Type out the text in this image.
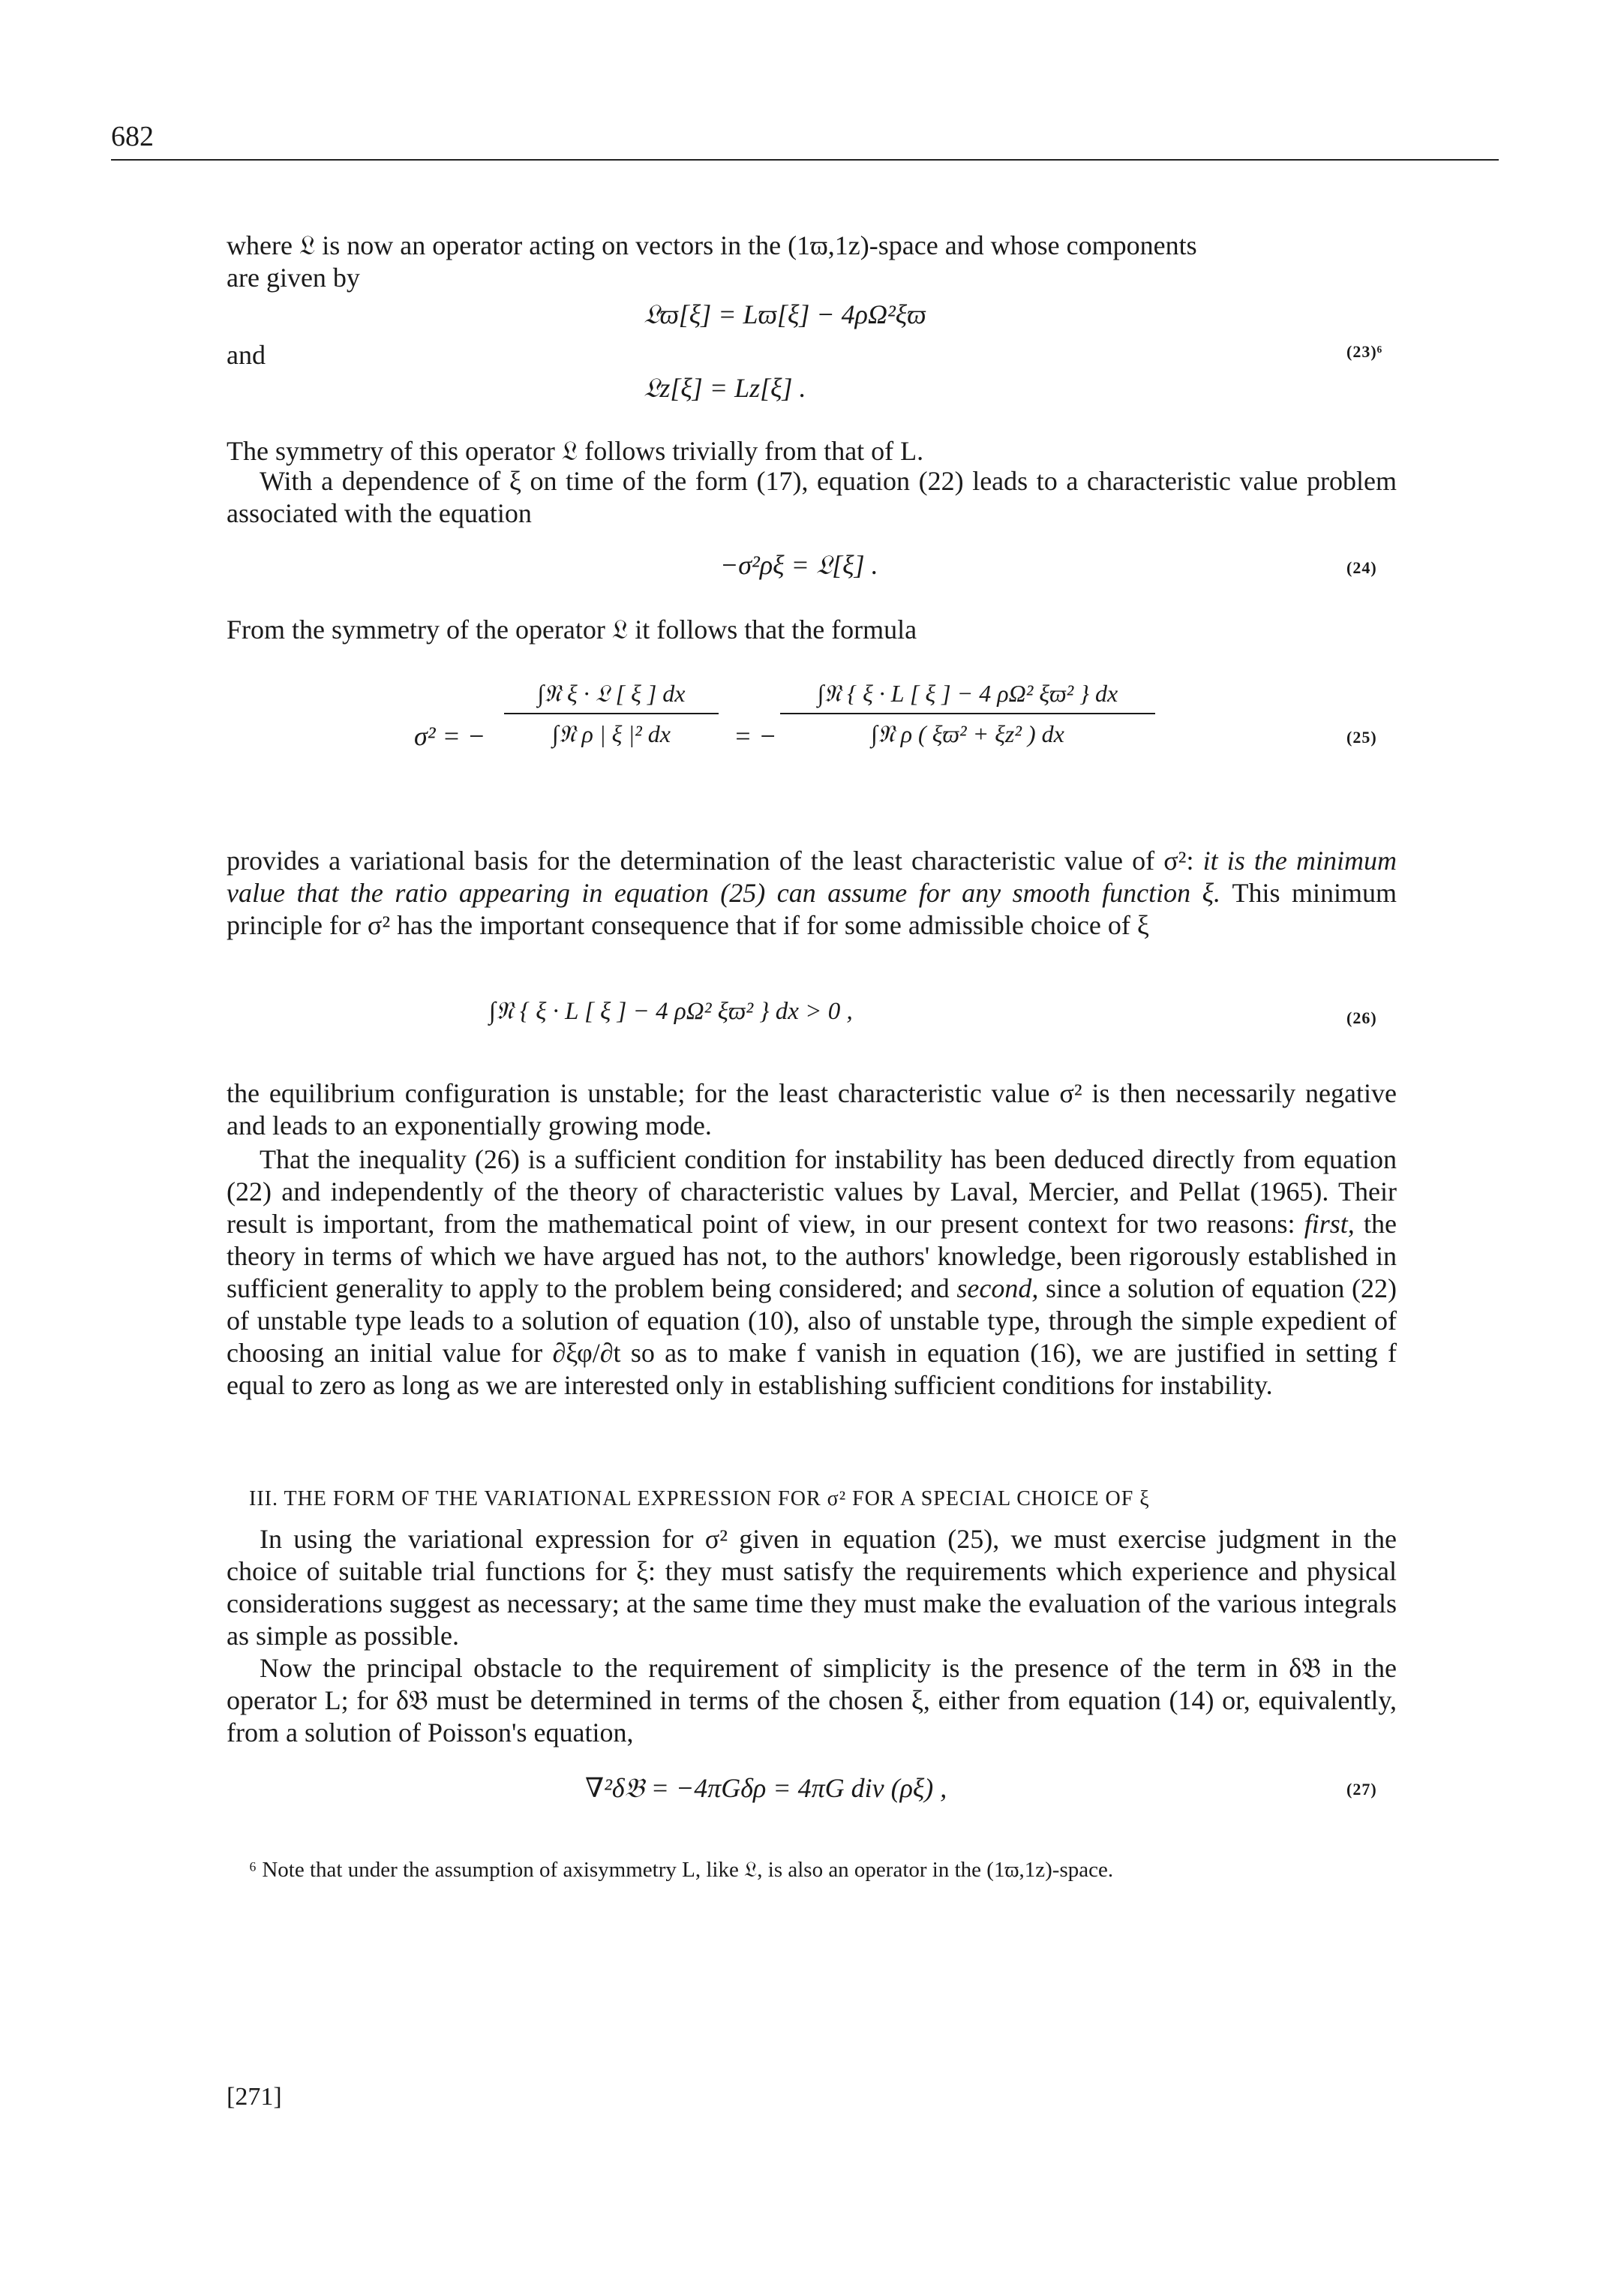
682
where 𝔏 is now an operator acting on vectors in the (1ϖ,1z)-space and whose components
are given by
𝔏ϖ[ξ] = Lϖ[ξ] − 4ρΩ²ξϖ
and	(23)⁶
𝔏z[ξ] = Lz[ξ] .
The symmetry of this operator 𝔏 follows trivially from that of L.
With a dependence of ξ on time of the form (17), equation (22) leads to a characteristic value problem associated with the equation
−σ²ρξ = 𝔏[ξ] .	(24)
From the symmetry of the operator 𝔏 it follows that the formula
σ² = −
∫𝔑 ξ · 𝔏 [ ξ ] dx
∫𝔑 ρ | ξ |² dx	= −
∫𝔑 { ξ · L [ ξ ] − 4 ρΩ² ξϖ² } dx
∫𝔑 ρ ( ξϖ² + ξz² ) dx	(25)
provides a variational basis for the determination of the least characteristic value of σ²: it is the minimum value that the ratio appearing in equation (25) can assume for any smooth function ξ. This minimum principle for σ² has the important consequence that if for some admissible choice of ξ
∫𝔑 { ξ · L [ ξ ] − 4 ρΩ² ξϖ² } dx > 0 ,	(26)
the equilibrium configuration is unstable; for the least characteristic value σ² is then necessarily negative and leads to an exponentially growing mode.
That the inequality (26) is a sufficient condition for instability has been deduced directly from equation (22) and independently of the theory of characteristic values by Laval, Mercier, and Pellat (1965). Their result is important, from the mathematical point of view, in our present context for two reasons: first, the theory in terms of which we have argued has not, to the authors' knowledge, been rigorously established in sufficient generality to apply to the problem being considered; and second, since a solution of equation (22) of unstable type leads to a solution of equation (10), also of unstable type, through the simple expedient of choosing an initial value for ∂ξφ/∂t so as to make f vanish in equation (16), we are justified in setting f equal to zero as long as we are interested only in establishing sufficient conditions for instability.
III. THE FORM OF THE VARIATIONAL EXPRESSION FOR σ² FOR A SPECIAL CHOICE OF ξ
In using the variational expression for σ² given in equation (25), we must exercise judgment in the choice of suitable trial functions for ξ: they must satisfy the requirements which experience and physical considerations suggest as necessary; at the same time they must make the evaluation of the various integrals as simple as possible.
Now the principal obstacle to the requirement of simplicity is the presence of the term in δ𝔅 in the operator L; for δ𝔅 must be determined in terms of the chosen ξ, either from equation (14) or, equivalently, from a solution of Poisson's equation,
∇²δ𝔅 = −4πGδρ = 4πG div (ρξ) ,	(27)
⁶ Note that under the assumption of axisymmetry L, like 𝔏, is also an operator in the (1ϖ,1z)-space.
[271]
